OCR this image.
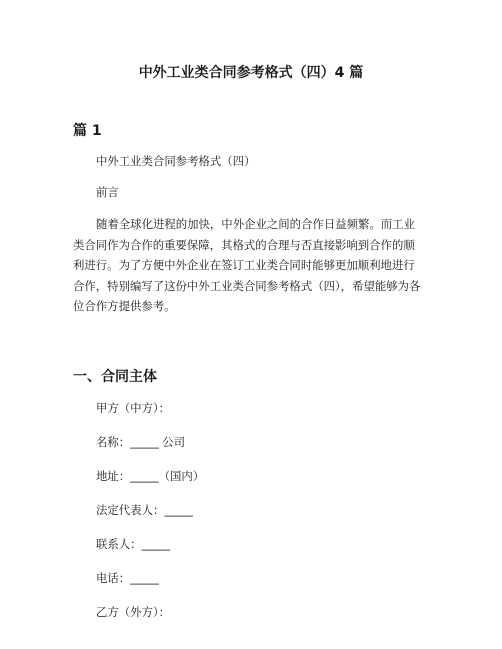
中外工业类合同参考格式（四）4 篇
篇 1

中外工业类合同参考格式（四）

前言

随着全球化进程的加快，中外企业之间的合作日益频繁。而工业
类合同作为合作的重要保障，其格式的合理与否直接影响到合作的顺
利进行。为了方便中外企业在签订工业类合同时能够更加顺利地进行
合作，特别编写了这份中外工业类合同参考格式（四），希望能够为各
位合作方提供参考。
一、合同主体

甲方（中方）：

名称：_____ 公司

地址：_____（国内）

法定代表人：_____

联系人：_____

电话：_____

乙方（外方）：
